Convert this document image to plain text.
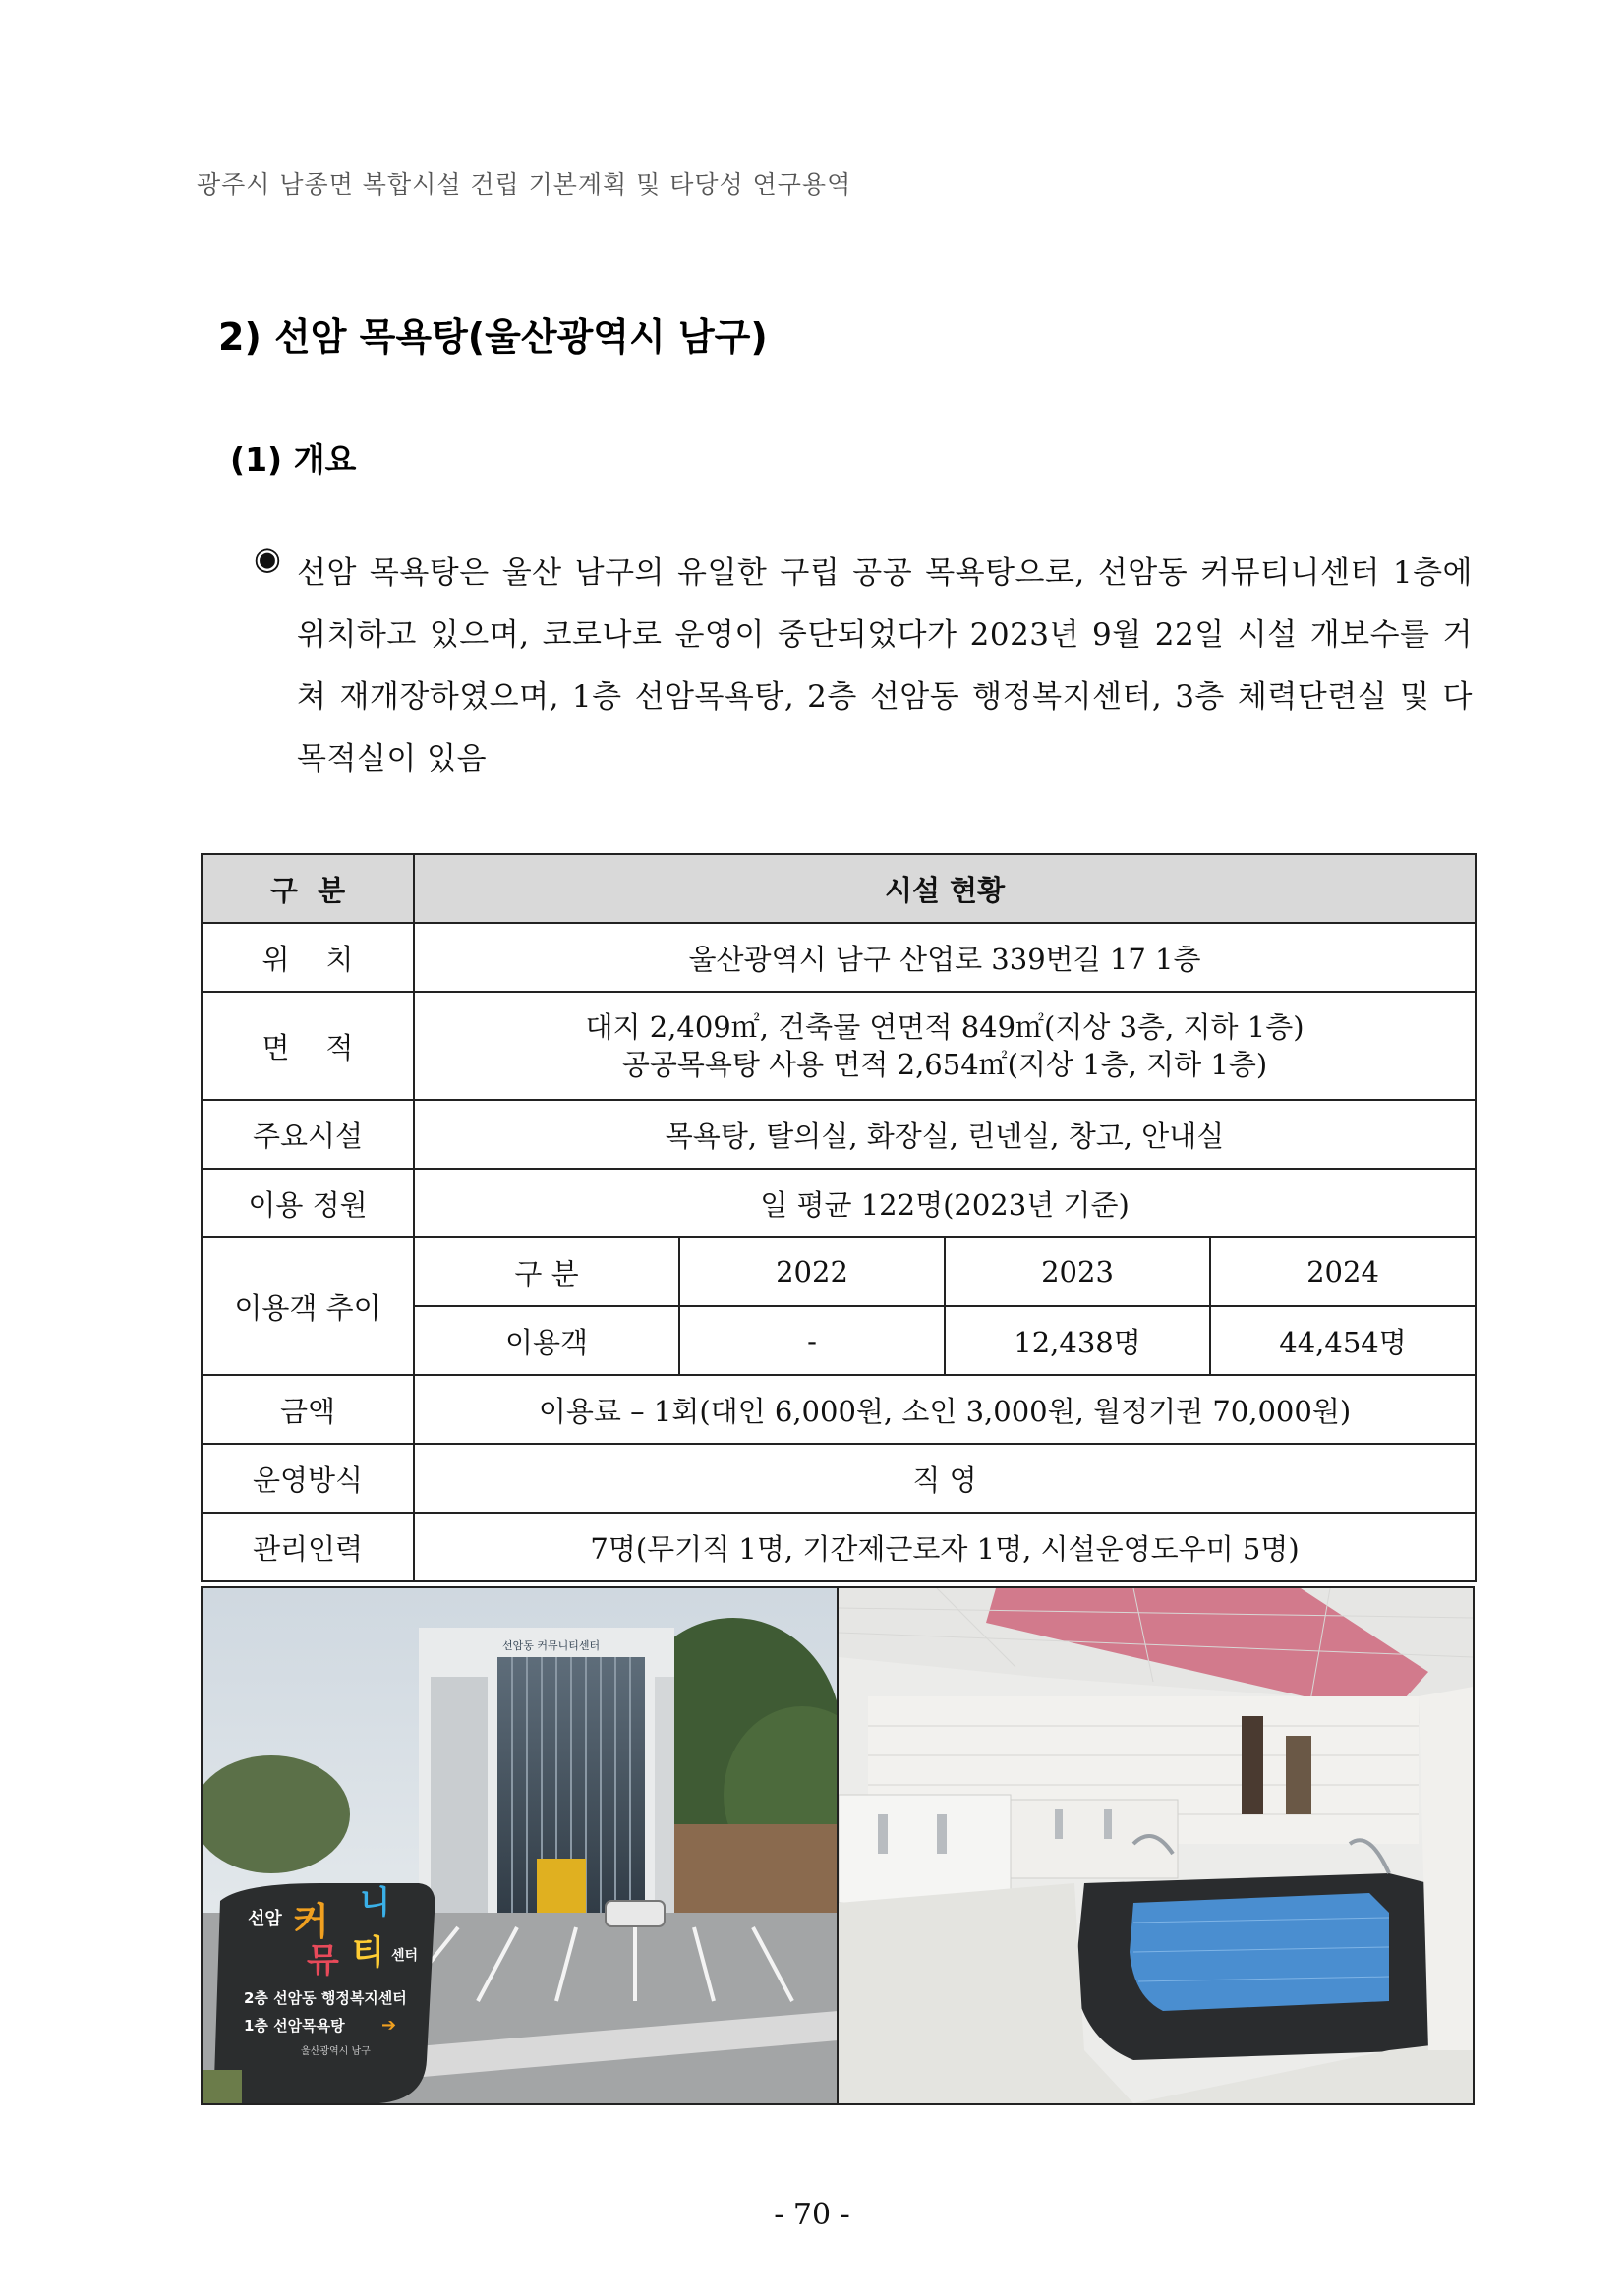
광주시 남종면 복합시설 건립 기본계획 및 타당성 연구용역
2) 선암 목욕탕(울산광역시 남구)
(1) 개요
◉ 선암 목욕탕은 울산 남구의 유일한 구립 공공 목욕탕으로, 선암동 커뮤티니센터 1층에 위치하고 있으며, 코로나로 운영이 중단되었다가 2023년 9월 22일 시설 개보수를 거쳐 재개장하였으며, 1층 선암목욕탕, 2층 선암동 행정복지센터, 3층 체력단련실 및 다목적실이 있음
구  분	시설 현황			
위    치	울산광역시 남구 산업로 339번길 17 1층			
면    적	대지 2,409㎡, 건축물 연면적 849㎡(지상 3층, 지하 1층)
공공목욕탕 사용 면적 2,654㎡(지상 1층, 지하 1층)			

주요시설	목욕탕, 탈의실, 화장실, 린넨실, 창고, 안내실			
이용 정원	일 평균 122명(2023년 기준)			
이용객 추이	구 분	2022	2023	2024
	이용객	-	12,438명	44,454명
금액	이용료 – 1회(대인 6,000원, 소인 3,000원, 월정기권 70,000원)			
운영방식	직 영			
관리인력	7명(무기직 1명, 기간제근로자 1명, 시설운영도우미 5명)			
선암동 커뮤니티센터
선암 커 니
뮤 티 센터
2층 선암동 행정복지센터
1층 선암목욕탕 ➔
울산광역시 남구
- 70 -
